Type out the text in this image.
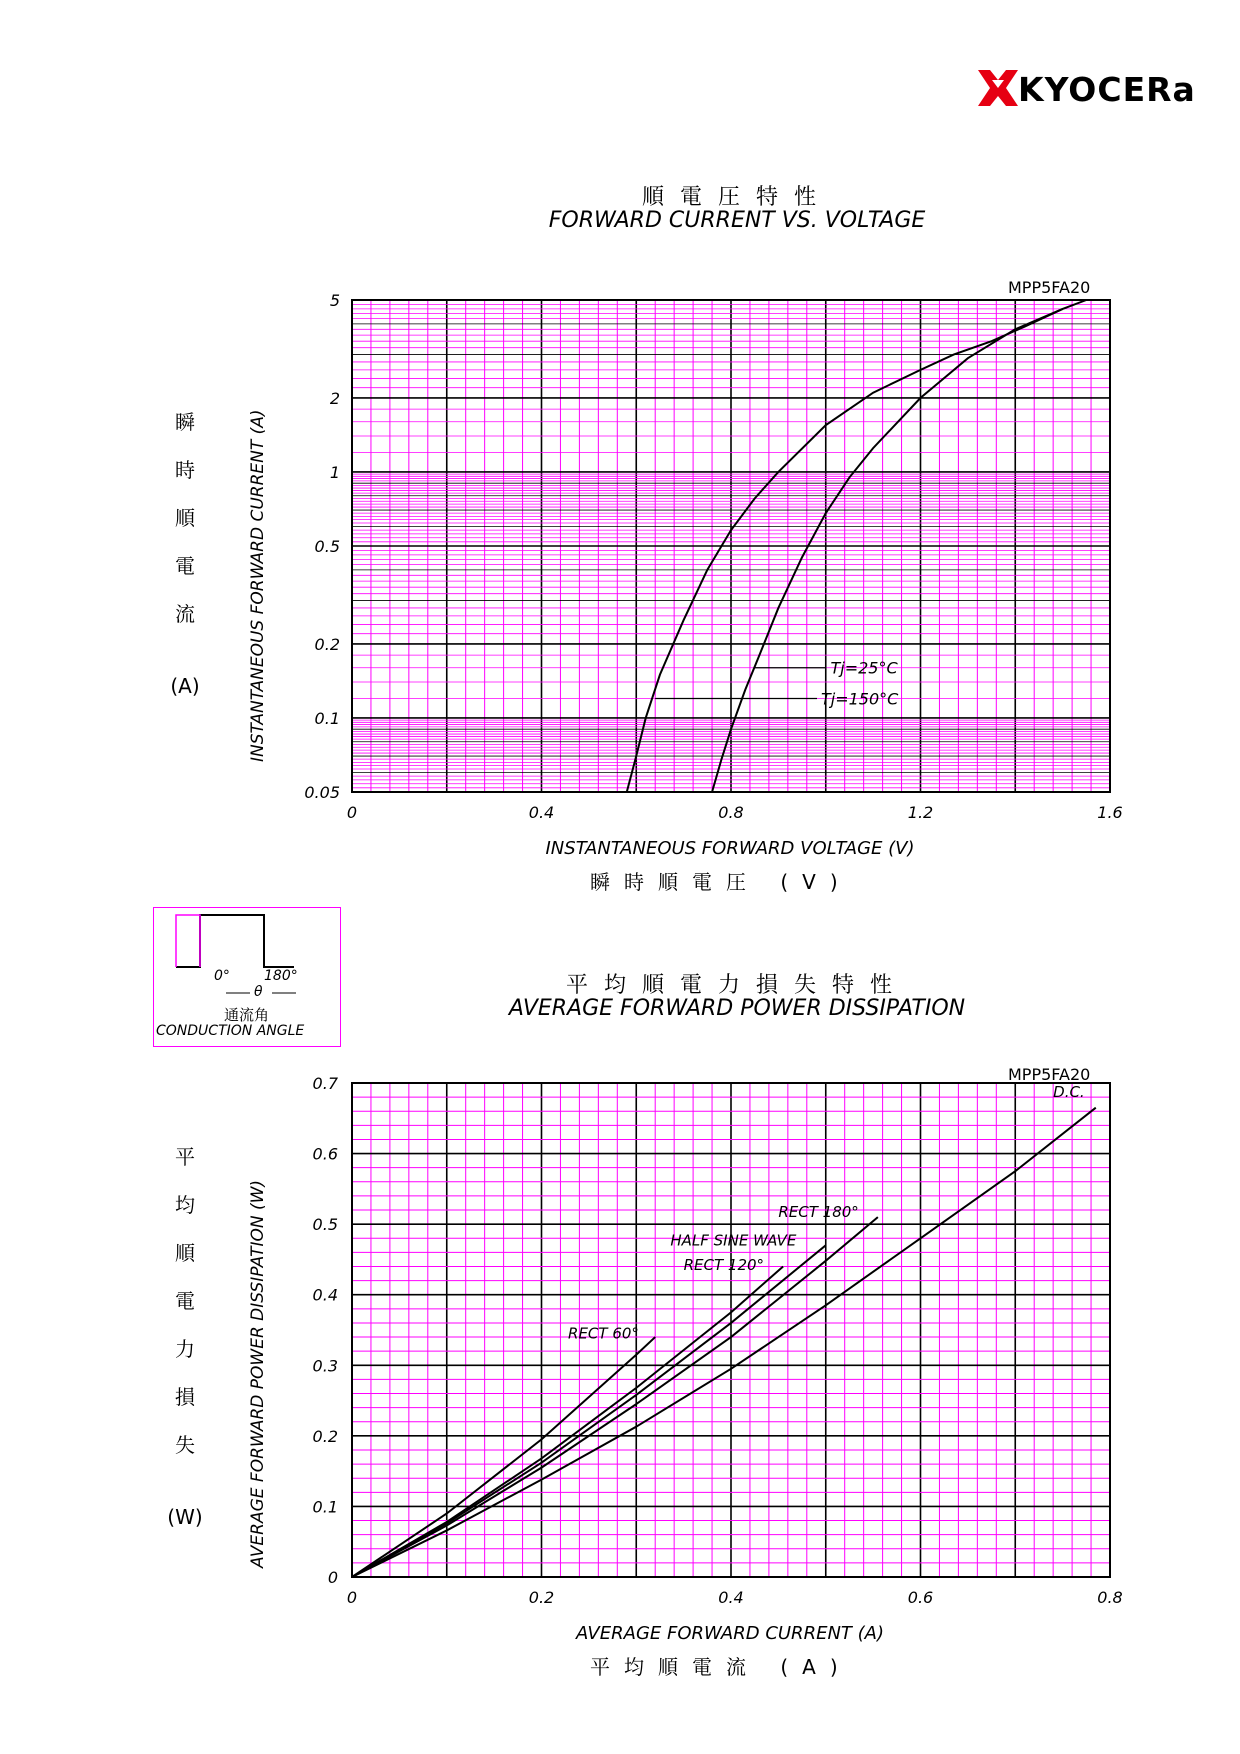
KYOCERa
順電圧特性
FORWARD CURRENT VS. VOLTAGE
MPP5FA20
INSTANTANEOUS FORWARD CURRENT (A)
瞬
時
順
電
流
(A)
0	0.4	0.8	1.2	1.6
0.05
0.1
0.2
0.5
1
2
5
Tj=25°C
Tj=150°C
INSTANTANEOUS FORWARD VOLTAGE (V)
瞬時順電圧 (V)
0° 180°
θ
通流角
CONDUCTION ANGLE
平均順電力損失特性
AVERAGE FORWARD POWER DISSIPATION
MPP5FA20
AVERAGE FORWARD POWER DISSIPATION (W)
平
均
順
電
力
損
失
(W)
0	0.2	0.4	0.6	0.8
0
0.1
0.2
0.3
0.4
0.5
0.6
0.7	D.C.
RECT 180°
HALF SINE WAVE
RECT 120°
RECT 60°
AVERAGE FORWARD CURRENT (A)
平均順電流 (A)
